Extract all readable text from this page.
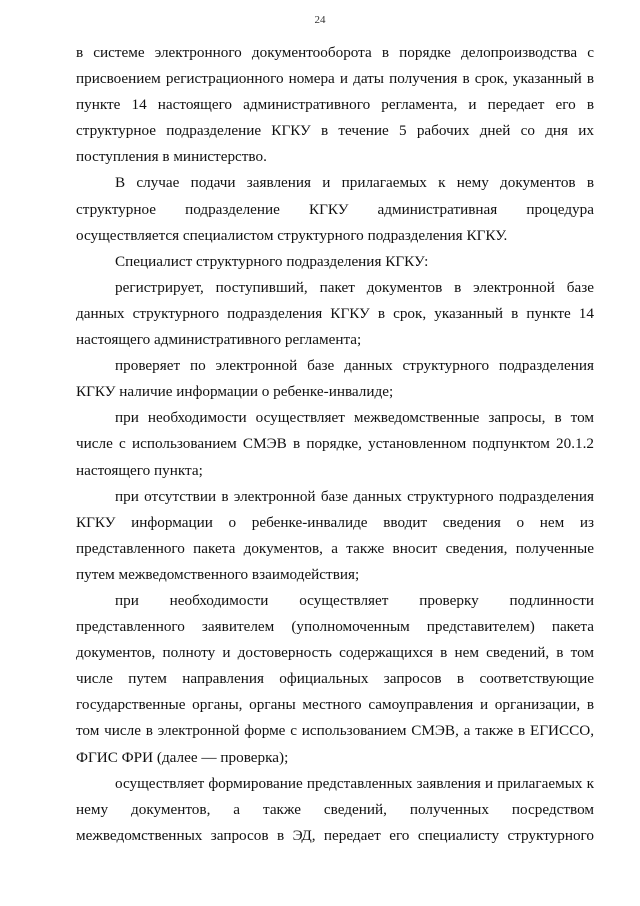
24

в системе электронного документооборота в порядке делопроизводства с присвоением регистрационного номера и даты получения в срок, указанный в пункте 14 настоящего административного регламента, и передает его в структурное подразделение КГКУ в течение 5 рабочих дней со дня их поступления в министерство.

В случае подачи заявления и прилагаемых к нему документов в структурное подразделение КГКУ административная процедура осуществляется специалистом структурного подразделения КГКУ.

Специалист структурного подразделения КГКУ:

регистрирует, поступивший, пакет документов в электронной базе данных структурного подразделения КГКУ в срок, указанный в пункте 14 настоящего административного регламента;

проверяет по электронной базе данных структурного подразделения КГКУ наличие информации о ребенке-инвалиде;

при необходимости осуществляет межведомственные запросы, в том числе с использованием СМЭВ в порядке, установленном подпунктом 20.1.2 настоящего пункта;

при отсутствии в электронной базе данных структурного подразделения КГКУ информации о ребенке-инвалиде вводит сведения о нем из представленного пакета документов, а также вносит сведения, полученные путем межведомственного взаимодействия;

при необходимости осуществляет проверку подлинности представленного заявителем (уполномоченным представителем) пакета документов, полноту и достоверность содержащихся в нем сведений, в том числе путем направления официальных запросов в соответствующие государственные органы, органы местного самоуправления и организации, в том числе в электронной форме с использованием СМЭВ, а также в ЕГИССО, ФГИС ФРИ (далее — проверка);

осуществляет формирование представленных заявления и прилагаемых к нему документов, а также сведений, полученных посредством межведомственных запросов в ЭД, передает его специалисту структурного
